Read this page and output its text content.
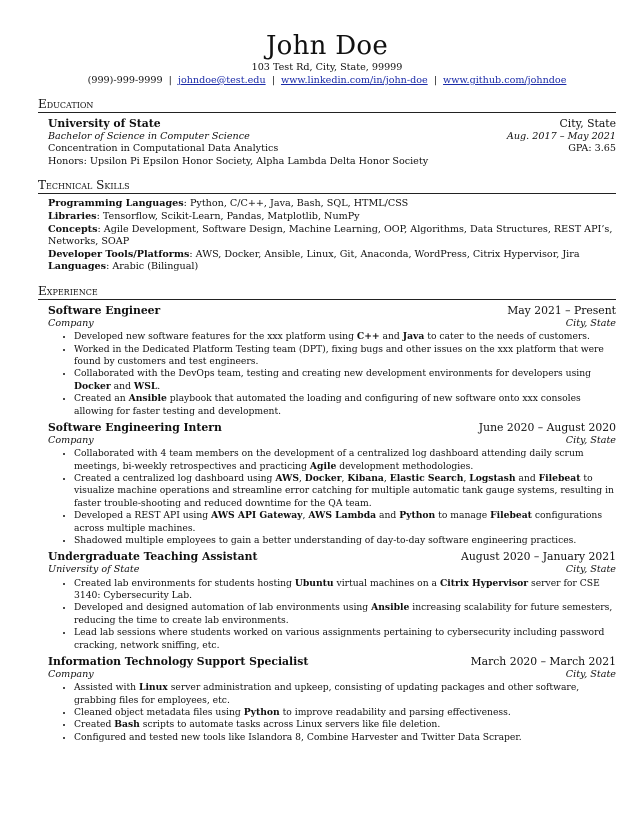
John Doe
103 Test Rd, City, State, 99999
(999)-999-9999 | johndoe@test.edu | www.linkedin.com/in/john-doe | www.github.com/johndoe
Education
University of State	City, State
Bachelor of Science in Computer Science	Aug. 2017 – May 2021
Concentration in Computational Data Analytics	GPA: 3.65
Honors: Upsilon Pi Epsilon Honor Society, Alpha Lambda Delta Honor Society
Technical Skills
Programming Languages: Python, C/C++, Java, Bash, SQL, HTML/CSS
Libraries: Tensorflow, Scikit-Learn, Pandas, Matplotlib, NumPy
Concepts: Agile Development, Software Design, Machine Learning, OOP, Algorithms, Data Structures, REST API’s, Networks, SOAP
Developer Tools/Platforms: AWS, Docker, Ansible, Linux, Git, Anaconda, WordPress, Citrix Hypervisor, Jira
Languages: Arabic (Bilingual)
Experience
Software Engineer	May 2021 – Present
Company	City, State
• Developed new software features for the xxx platform using C++ and Java to cater to the needs of customers.
• Worked in the Dedicated Platform Testing team (DPT), fixing bugs and other issues on the xxx platform that were found by customers and test engineers.
• Collaborated with the DevOps team, testing and creating new development environments for developers using Docker and WSL.
• Created an Ansible playbook that automated the loading and configuring of new software onto xxx consoles allowing for faster testing and development.
Software Engineering Intern	June 2020 – August 2020
Company	City, State
• Collaborated with 4 team members on the development of a centralized log dashboard attending daily scrum meetings, bi-weekly retrospectives and practicing Agile development methodologies.
• Created a centralized log dashboard using AWS, Docker, Kibana, Elastic Search, Logstash and Filebeat to visualize machine operations and streamline error catching for multiple automatic tank gauge systems, resulting in faster trouble-shooting and reduced downtime for the QA team.
• Developed a REST API using AWS API Gateway, AWS Lambda and Python to manage Filebeat configurations across multiple machines.
• Shadowed multiple employees to gain a better understanding of day-to-day software engineering practices.
Undergraduate Teaching Assistant	August 2020 – January 2021
University of State	City, State
• Created lab environments for students hosting Ubuntu virtual machines on a Citrix Hypervisor server for CSE 3140: Cybersecurity Lab.
• Developed and designed automation of lab environments using Ansible increasing scalability for future semesters, reducing the time to create lab environments.
• Lead lab sessions where students worked on various assignments pertaining to cybersecurity including password cracking, network sniffing, etc.
Information Technology Support Specialist	March 2020 – March 2021
Company	City, State
• Assisted with Linux server administration and upkeep, consisting of updating packages and other software, grabbing files for employees, etc.
• Cleaned object metadata files using Python to improve readability and parsing effectiveness.
• Created Bash scripts to automate tasks across Linux servers like file deletion.
• Configured and tested new tools like Islandora 8, Combine Harvester and Twitter Data Scraper.
